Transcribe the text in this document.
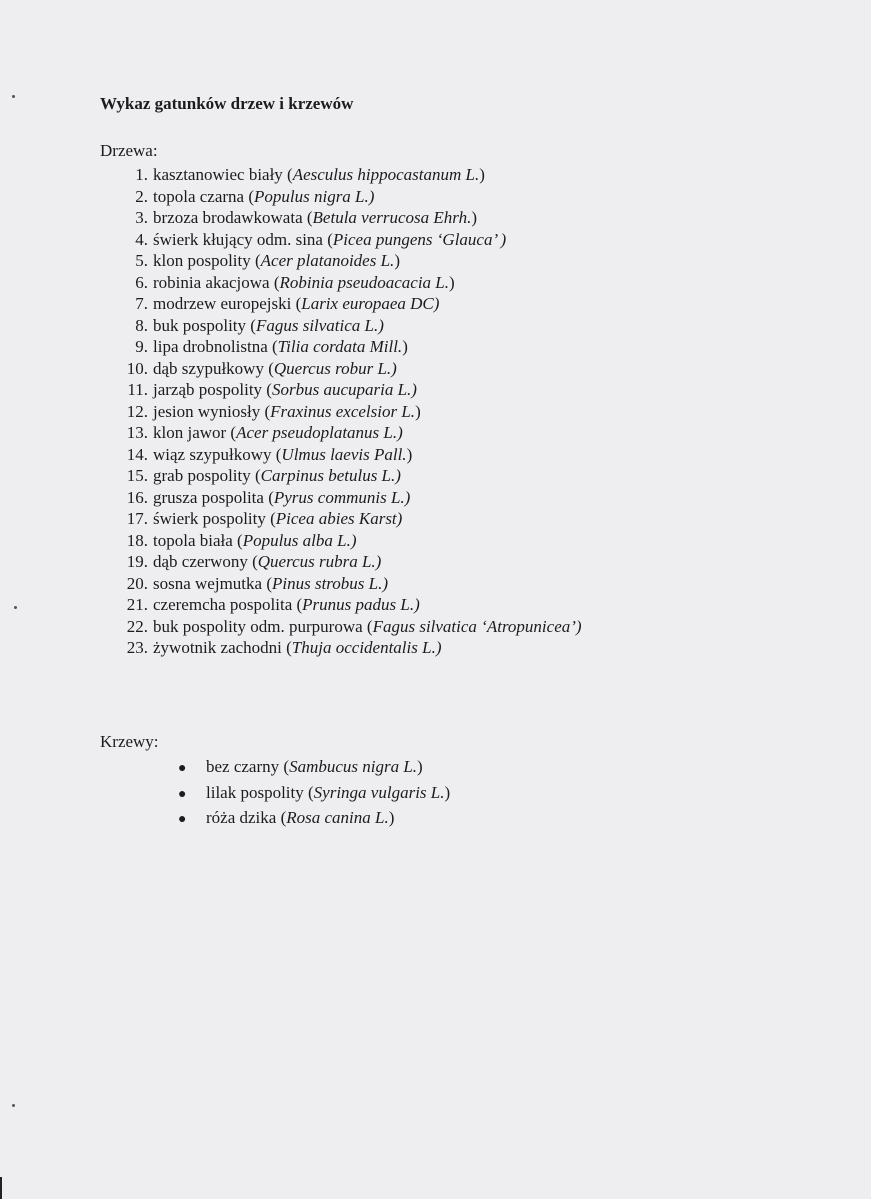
Wykaz gatunków drzew i krzewów
Drzewa:
1. kasztanowiec biały (Aesculus hippocastanum L.)
2. topola czarna (Populus nigra L.)
3. brzoza brodawkowata (Betula verrucosa Ehrh.)
4. świerk kłujący odm. sina (Picea pungens ‘Glauca’ )
5. klon pospolity (Acer platanoides L.)
6. robinia akacjowa (Robinia pseudoacacia L.)
7. modrzew europejski (Larix europaea DC)
8. buk pospolity (Fagus silvatica L.)
9. lipa drobnolistna (Tilia cordata Mill.)
10. dąb szypułkowy (Quercus robur L.)
11. jarząb pospolity (Sorbus aucuparia L.)
12. jesion wyniosły (Fraxinus excelsior L.)
13. klon jawor (Acer pseudoplatanus L.)
14. wiąz szypułkowy (Ulmus laevis Pall.)
15. grab pospolity (Carpinus betulus L.)
16. grusza pospolita (Pyrus communis L.)
17. świerk pospolity (Picea abies Karst)
18. topola biała (Populus alba L.)
19. dąb czerwony (Quercus rubra L.)
20. sosna wejmutka (Pinus strobus L.)
21. czeremcha pospolita (Prunus padus L.)
22. buk pospolity odm. purpurowa (Fagus silvatica ‘Atropunicea’)
23. żywotnik zachodni (Thuja occidentalis L.)
Krzewy:
● bez czarny (Sambucus nigra L.)
● lilak pospolity (Syringa vulgaris L.)
● róża dzika (Rosa canina L.)
